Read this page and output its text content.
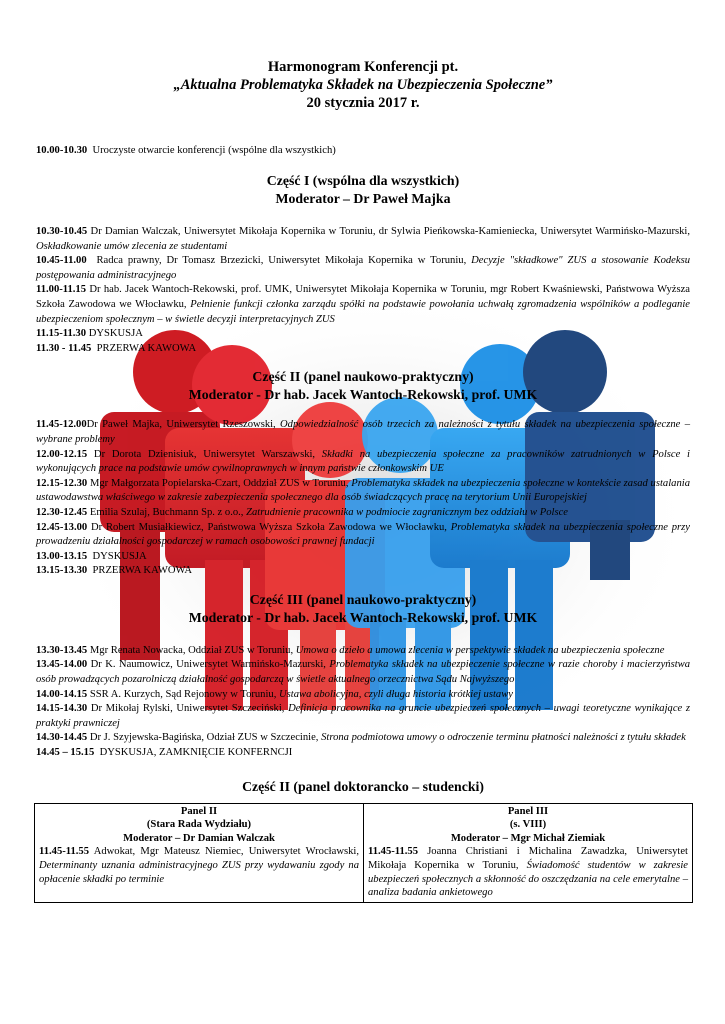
Harmonogram Konferencji pt.
„Aktualna Problematyka Składek na Ubezpieczenia Społeczne”
20 stycznia 2017 r.
10.00-10.30 Uroczyste otwarcie konferencji (wspólne dla wszystkich)
Część I (wspólna dla wszystkich)
Moderator – Dr Paweł Majka

10.30-10.45 Dr Damian Walczak, Uniwersytet Mikołaja Kopernika w Toruniu, dr Sylwia Pieńkowska-Kamieniecka, Uniwersytet Warmińsko-Mazurski, Oskładkowanie umów zlecenia ze studentami

10.45-11.00 Radca prawny, Dr Tomasz Brzezicki, Uniwersytet Mikołaja Kopernika w Toruniu, Decyzje "składkowe" ZUS a stosowanie Kodeksu postępowania administracyjnego

11.00-11.15 Dr hab. Jacek Wantoch-Rekowski, prof. UMK, Uniwersytet Mikołaja Kopernika w Toruniu, mgr Robert Kwaśniewski, Państwowa Wyższa Szkoła Zawodowa we Włocławku, Pełnienie funkcji członka zarządu spółki na podstawie powołania uchwałą zgromadzenia wspólników a podleganie ubezpieczeniom społecznym – w świetle decyzji interpretacyjnych ZUS

11.15-11.30 DYSKUSJA

11.30 - 11.45 PRZERWA KAWOWA

Część II (panel naukowo-praktyczny)
Moderator - Dr hab. Jacek Wantoch-Rekowski, prof. UMK

11.45-12.00Dr Paweł Majka, Uniwersytet Rzeszowski, Odpowiedzialność osób trzecich za należności z tytułu składek na ubezpieczenia społeczne – wybrane problemy

12.00-12.15 Dr Dorota Dzienisiuk, Uniwersytet Warszawski, Składki na ubezpieczenia społeczne za pracowników zatrudnionych w Polsce i wykonujących prace na podstawie umów cywilnoprawnych w innym państwie członkowskim UE

12.15-12.30 Mgr Małgorzata Popielarska-Czart, Oddział ZUS w Toruniu, Problematyka składek na ubezpieczenia społeczne w kontekście zasad ustalania ustawodawstwa właściwego w zakresie zabezpieczenia społecznego dla osób świadczących pracę na terytorium Unii Europejskiej

12.30-12.45 Emilia Szulaj, Buchmann Sp. z o.o., Zatrudnienie pracownika w podmiocie zagranicznym bez oddziału w Polsce

12.45-13.00 Dr Robert Musiałkiewicz, Państwowa Wyższa Szkoła Zawodowa we Włocławku, Problematyka składek na ubezpieczenia społeczne przy prowadzeniu działalności gospodarczej w ramach osobowości prawnej fundacji

13.00-13.15 DYSKUSJA

13.15-13.30 PRZERWA KAWOWA

Część III (panel naukowo-praktyczny)
Moderator - Dr hab. Jacek Wantoch-Rekowski, prof. UMK

13.30-13.45 Mgr Renata Nowacka, Oddział ZUS w Toruniu, Umowa o dzieło a umowa zlecenia w perspektywie składek na ubezpieczenia społeczne

13.45-14.00 Dr K. Naumowicz, Uniwersytet Warmińsko-Mazurski, Problematyka składek na ubezpieczenie społeczne w razie choroby i macierzyństwa osób prowadzących pozarolniczą działalność gospodarczą w świetle aktualnego orzecznictwa Sądu Najwyższego

14.00-14.15 SSR A. Kurzych, Sąd Rejonowy w Toruniu, Ustawa abolicyjna, czyli długa historia krótkiej ustawy

14.15-14.30 Dr Mikołaj Rylski, Uniwersytet Szczeciński, Definicja pracownika na gruncie ubezpieczeń społecznych – uwagi teoretyczne wynikające z praktyki prawniczej

14.30-14.45 Dr J. Szyjewska-Bagińska, Odział ZUS w Szczecinie, Strona podmiotowa umowy o odroczenie terminu płatności należności z tytułu składek

14.45 – 15.15 DYSKUSJA, ZAMKNIĘCIE KONFERNCJI

Część II (panel doktorancko – studencki)
Panel II
(Stara Rada Wydziału)
Moderator – Dr Damian Walczak
11.45-11.55 Adwokat, Mgr Mateusz Niemiec, Uniwersytet Wrocławski, Determinanty uznania administracyjnego ZUS przy wydawaniu zgody na opłacenie składki po terminie

Panel III
(s. VIII)
Moderator – Mgr Michał Ziemiak
11.45-11.55 Joanna Christiani i Michalina Zawadzka, Uniwersytet Mikołaja Kopernika w Toruniu, Świadomość studentów w zakresie ubezpieczeń społecznych a skłonność do oszczędzania na cele emerytalne – analiza badania ankietowego
